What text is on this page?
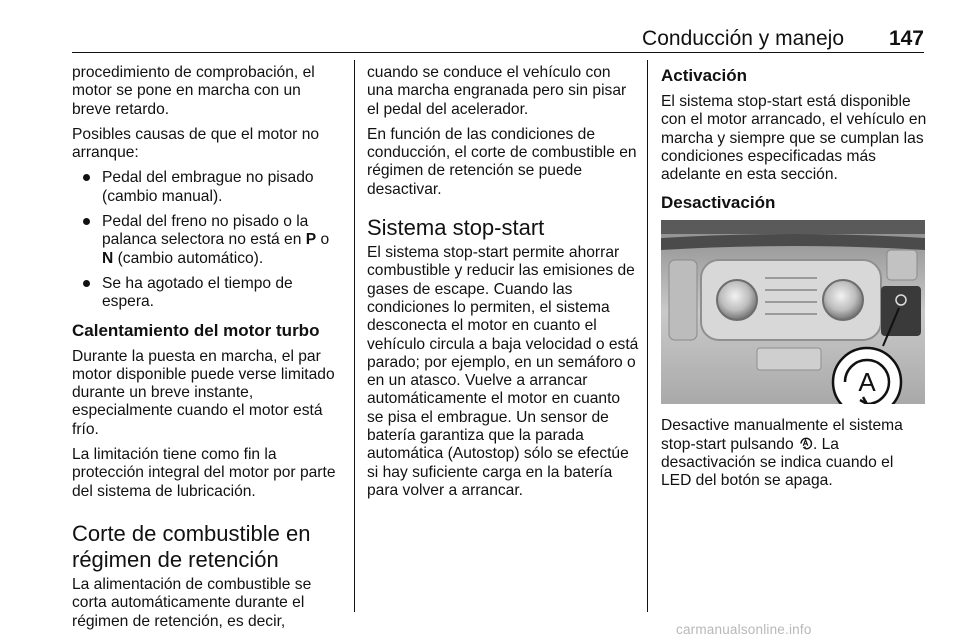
Conducción y manejo 147

procedimiento de comprobación, el motor se pone en marcha con un breve retardo.

Posibles causas de que el motor no arranque:

Pedal del embrague no pisado (cambio manual).
Pedal del freno no pisado o la palanca selectora no está en P o N (cambio automático).
Se ha agotado el tiempo de espera.
Calentamiento del motor turbo

Durante la puesta en marcha, el par motor disponible puede verse limitado durante un breve instante, especialmente cuando el motor está frío.

La limitación tiene como fin la protección integral del motor por parte del sistema de lubricación.

Corte de combustible en régimen de retención

La alimentación de combustible se corta automáticamente durante el régimen de retención, es decir,

cuando se conduce el vehículo con una marcha engranada pero sin pisar el pedal del acelerador.

En función de las condiciones de conducción, el corte de combustible en régimen de retención se puede desactivar.

Sistema stop-start

El sistema stop-start permite ahorrar combustible y reducir las emisiones de gases de escape. Cuando las condiciones lo permiten, el sistema desconecta el motor en cuanto el vehículo circula a baja velocidad o está parado; por ejemplo, en un semáforo o en un atasco. Vuelve a arrancar automáticamente el motor en cuanto se pisa el embrague. Un sensor de batería garantiza que la parada automática (Autostop) sólo se efectúe si hay suficiente carga en la batería para volver a arrancar.

Activación

El sistema stop-start está disponible con el motor arrancado, el vehículo en marcha y siempre que se cumplan las condiciones especificadas más adelante en esta sección.

Desactivación
A

Desactive manualmente el sistema stop-start pulsando . La desactivación se indica cuando el LED del botón se apaga.

carmanualsonline.info
